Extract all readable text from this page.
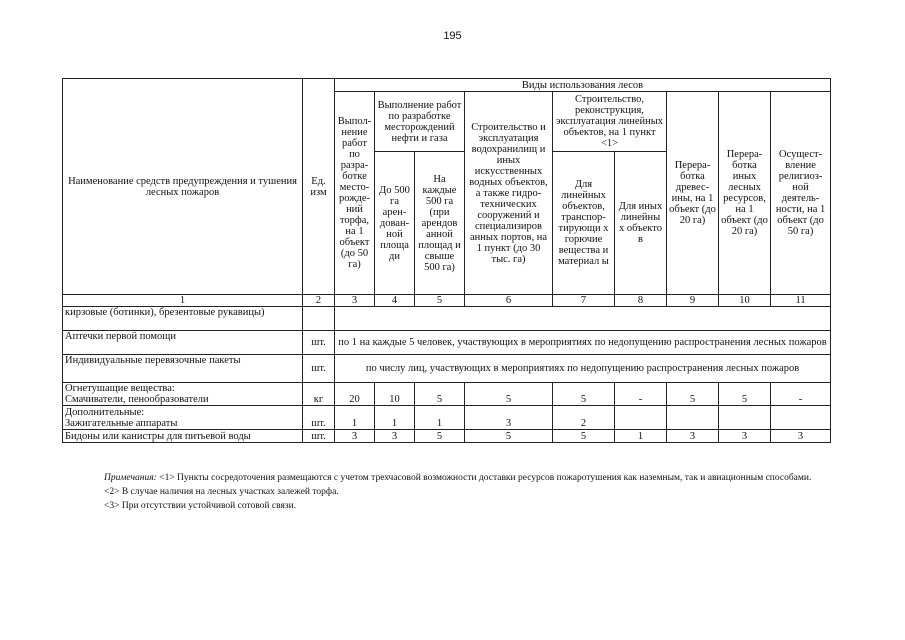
195
Наименование средств предупреждения и тушения лесных пожаров	Ед. изм	Виды использования лесов								
		Выпол-нение работ по разра-ботке место-рожде-ний торфа, на 1 объект (до 50 га)	Выполнение работ по разработке месторождений нефти и газа		Строительство и эксплуатация водохранилищ и иных искусственных водных объектов, а также гидро-технических сооружений и специализиров анных портов, на 1 пункт (до 30 тыс. га)	Строительство, реконструкция, эксплуатация линейных объектов, на 1 пункт <1>		Перера-ботка древес-ины, на 1 объект (до 20 га)	Перера-ботка иных лесных ресурсов, на 1 объект (до 20 га)	Осущест-вление религиоз-ной деятель-ности, на 1 объект (до 50 га)
			До 500 га арен-дован-ной площа ди	На каждые 500 га (при арендов анной площад и свыше 500 га)		Для линейных объектов, транспор-тирующи х горючие вещества и материал ы	Для иных линейны х объекто в			

1	2	3	4	5	6	7	8	9	10	11
кирзовые (ботинки), брезентовые рукавицы)										
Аптечки первой помощи	шт.	по 1 на каждые 5 человек, участвующих в мероприятиях по недопущению распространения лесных пожаров								
Индивидуальные перевязочные пакеты	шт.	по числу лиц, участвующих в мероприятиях по недопущению распространения лесных пожаров								

Огнетушащие вещества:
Смачиватели, пенообразователи	кг	20	10	5	5	5	-	5	5	-

Дополнительные:
Зажигательные аппараты	шт.	1	1	1	3	2				
Бидоны или канистры для питьевой воды	шт.	3	3	5	5	5	1	3	3	3

Примечания: <1> Пункты сосредоточения размещаются с учетом трехчасовой возможности доставки ресурсов пожаротушения как наземным, так и авиационным способами.

<2> В случае наличия на лесных участках залежей торфа.

<3> При отсутствии устойчивой сотовой связи.
